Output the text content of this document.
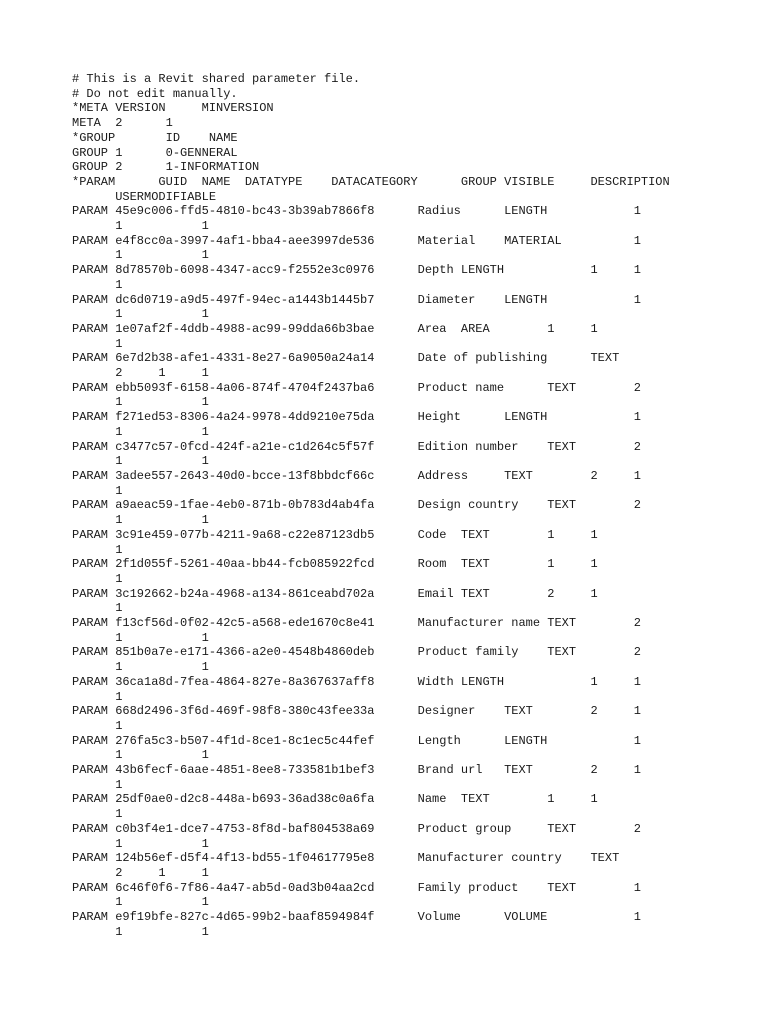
# This is a Revit shared parameter file.
# Do not edit manually.
*META VERSION     MINVERSION
META  2      1
*GROUP       ID    NAME
GROUP 1      0-GENNERAL
GROUP 2      1-INFORMATION
*PARAM      GUID  NAME  DATATYPE    DATACATEGORY      GROUP VISIBLE     DESCRIPTION
USERMODIFIABLE
PARAM 45e9c006-ffd5-4810-bc43-3b39ab7866f8      Radius      LENGTH            1
1           1
PARAM e4f8cc0a-3997-4af1-bba4-aee3997de536      Material    MATERIAL          1
1           1
PARAM 8d78570b-6098-4347-acc9-f2552e3c0976      Depth LENGTH            1     1
1
PARAM dc6d0719-a9d5-497f-94ec-a1443b1445b7      Diameter    LENGTH            1
1           1
PARAM 1e07af2f-4ddb-4988-ac99-99dda66b3bae      Area  AREA        1     1
1
PARAM 6e7d2b38-afe1-4331-8e27-6a9050a24a14      Date of publishing      TEXT
2     1     1
PARAM ebb5093f-6158-4a06-874f-4704f2437ba6      Product name      TEXT        2
1           1
PARAM f271ed53-8306-4a24-9978-4dd9210e75da      Height      LENGTH            1
1           1
PARAM c3477c57-0fcd-424f-a21e-c1d264c5f57f      Edition number    TEXT        2
1           1
PARAM 3adee557-2643-40d0-bcce-13f8bbdcf66c      Address     TEXT        2     1
1
PARAM a9aeac59-1fae-4eb0-871b-0b783d4ab4fa      Design country    TEXT        2
1           1
PARAM 3c91e459-077b-4211-9a68-c22e87123db5      Code  TEXT        1     1
1
PARAM 2f1d055f-5261-40aa-bb44-fcb085922fcd      Room  TEXT        1     1
1
PARAM 3c192662-b24a-4968-a134-861ceabd702a      Email TEXT        2     1
1
PARAM f13cf56d-0f02-42c5-a568-ede1670c8e41      Manufacturer name TEXT        2
1           1
PARAM 851b0a7e-e171-4366-a2e0-4548b4860deb      Product family    TEXT        2
1           1
PARAM 36ca1a8d-7fea-4864-827e-8a367637aff8      Width LENGTH            1     1
1
PARAM 668d2496-3f6d-469f-98f8-380c43fee33a      Designer    TEXT        2     1
1
PARAM 276fa5c3-b507-4f1d-8ce1-8c1ec5c44fef      Length      LENGTH            1
1           1
PARAM 43b6fecf-6aae-4851-8ee8-733581b1bef3      Brand url   TEXT        2     1
1
PARAM 25df0ae0-d2c8-448a-b693-36ad38c0a6fa      Name  TEXT        1     1
1
PARAM c0b3f4e1-dce7-4753-8f8d-baf804538a69      Product group     TEXT        2
1           1
PARAM 124b56ef-d5f4-4f13-bd55-1f04617795e8      Manufacturer country    TEXT
2     1     1
PARAM 6c46f0f6-7f86-4a47-ab5d-0ad3b04aa2cd      Family product    TEXT        1
1           1
PARAM e9f19bfe-827c-4d65-99b2-baaf8594984f      Volume      VOLUME            1
1           1
